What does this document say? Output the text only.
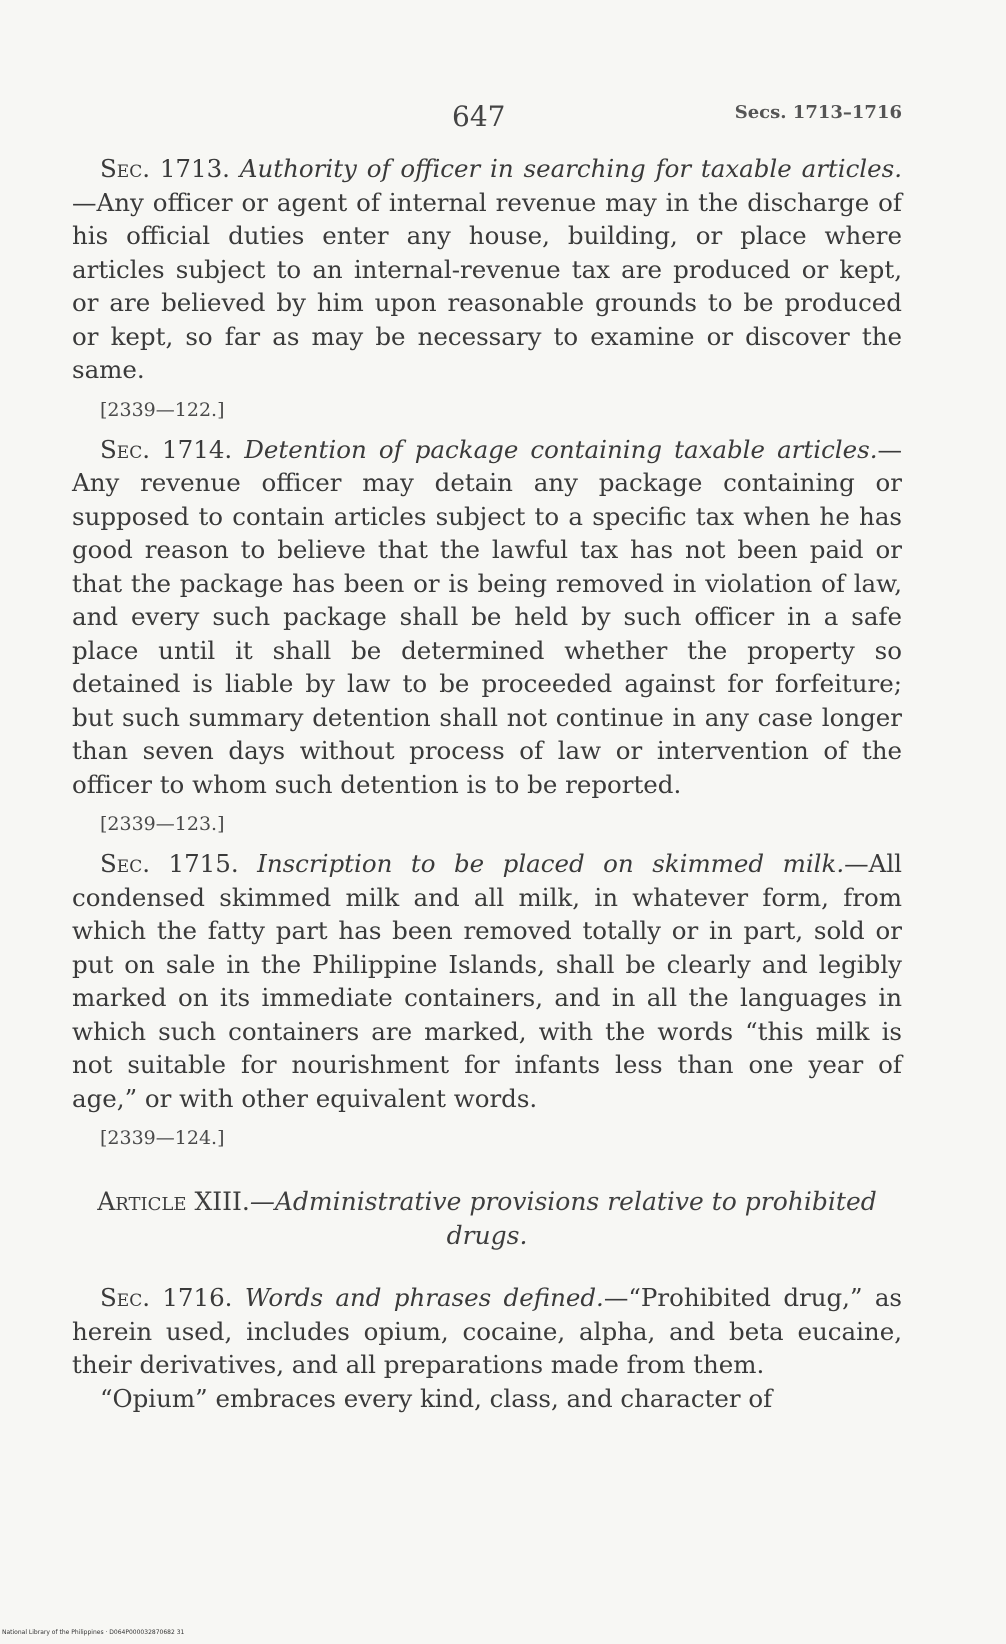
647	Secs. 1713–1716

Sec. 1713. Authority of officer in searching for taxable articles.—Any officer or agent of internal revenue may in the discharge of his official duties enter any house, building, or place where articles subject to an internal-revenue tax are produced or kept, or are believed by him upon reasonable grounds to be produced or kept, so far as may be necessary to examine or discover the same.

[2339—122.]

Sec. 1714. Detention of package containing taxable articles.—Any revenue officer may detain any package containing or supposed to contain articles subject to a specific tax when he has good reason to believe that the lawful tax has not been paid or that the package has been or is being removed in violation of law, and every such package shall be held by such officer in a safe place until it shall be determined whether the property so detained is liable by law to be proceeded against for forfeiture; but such summary detention shall not continue in any case longer than seven days without process of law or intervention of the officer to whom such detention is to be reported.

[2339—123.]

Sec. 1715. Inscription to be placed on skimmed milk.—All condensed skimmed milk and all milk, in whatever form, from which the fatty part has been removed totally or in part, sold or put on sale in the Philippine Islands, shall be clearly and legibly marked on its immediate containers, and in all the languages in which such containers are marked, with the words “this milk is not suitable for nourishment for infants less than one year of age,” or with other equivalent words.

[2339—124.]
Article XIII.—Administrative provisions relative to prohibited drugs.

Sec. 1716. Words and phrases defined.—“Prohibited drug,” as herein used, includes opium, cocaine, alpha, and beta eucaine, their derivatives, and all preparations made from them.

“Opium” embraces every kind, class, and character of

National Library of the Philippines · D064P000032870682 31
